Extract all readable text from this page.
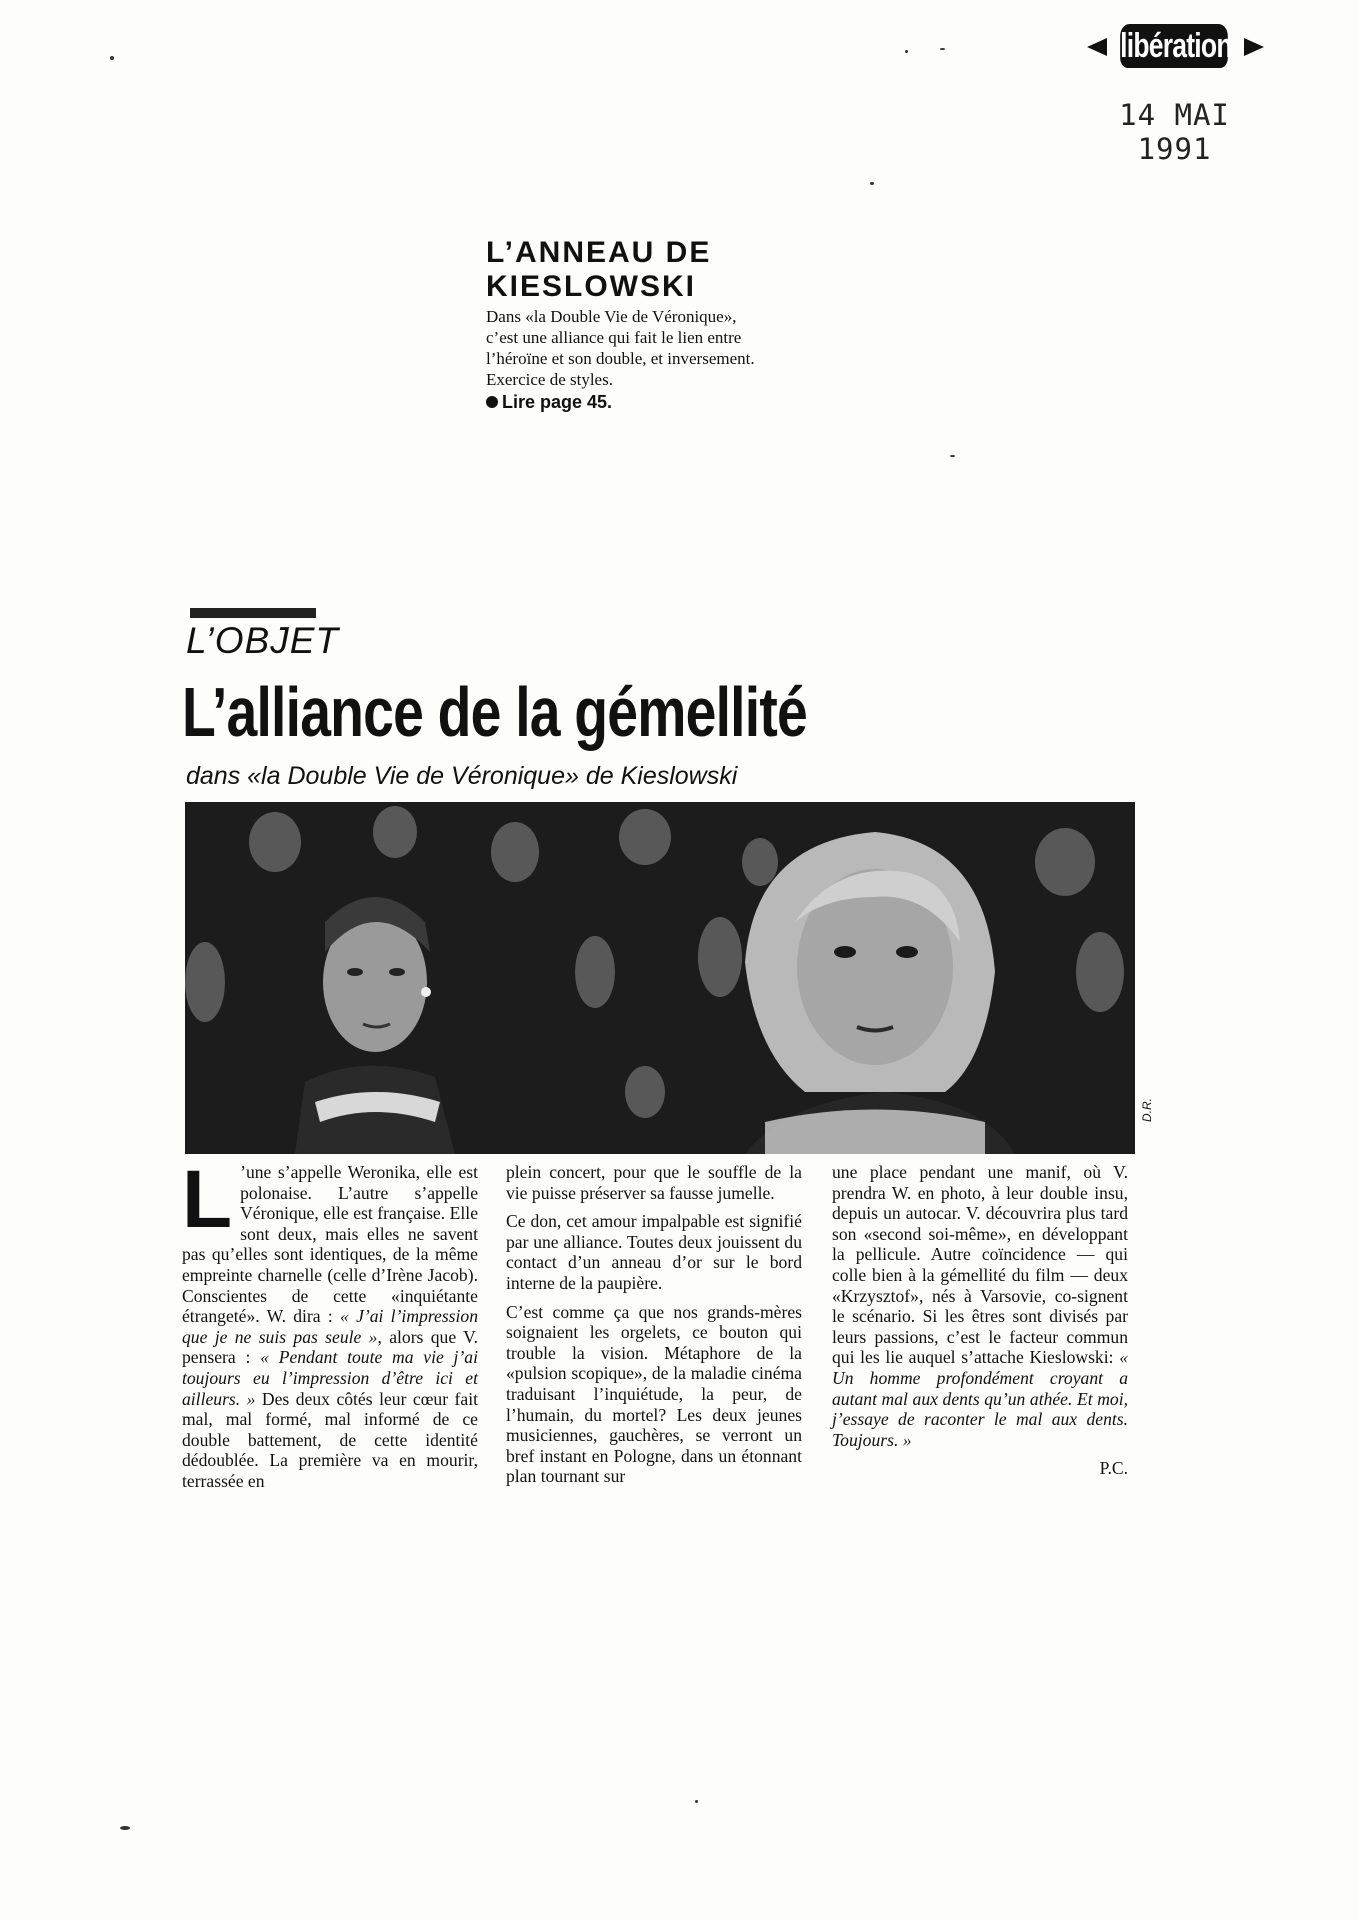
libération
14 MAI 1991
L’ANNEAU DE
KIESLOWSKI
Dans «la Double Vie de Véronique», c’est une alliance qui fait le lien entre l’héroïne et son double, et inversement. Exercice de styles.
Lire page 45.
L’OBJET
L’alliance de la gémellité
dans «la Double Vie de Véronique» de Kieslowski
D.R.

L ’une s’appelle Weronika, elle est polonaise. L’autre s’appelle Véronique, elle est française. Elle sont deux, mais elles ne savent pas qu’elles sont identiques, de la même empreinte charnelle (celle d’Irène Jacob). Conscientes de cette «inquiétante étrangeté». W. dira : « J’ai l’impression que je ne suis pas seule », alors que V. pensera : « Pendant toute ma vie j’ai toujours eu l’impression d’être ici et ailleurs. » Des deux côtés leur cœur fait mal, mal formé, mal informé de ce double battement, de cette identité dédoublée. La première va en mourir, terrassée en

plein concert, pour que le souffle de la vie puisse préserver sa fausse jumelle.

Ce don, cet amour impalpable est signifié par une alliance. Toutes deux jouissent du contact d’un anneau d’or sur le bord interne de la paupière.

C’est comme ça que nos grands-mères soignaient les orgelets, ce bouton qui trouble la vision. Métaphore de la «pulsion scopique», de la maladie cinéma traduisant l’inquiétude, la peur, de l’humain, du mortel? Les deux jeunes musiciennes, gauchères, se verront un bref instant en Pologne, dans un étonnant plan tournant sur

une place pendant une manif, où V. prendra W. en photo, à leur double insu, depuis un autocar. V. découvrira plus tard son «second soi-même», en développant la pellicule. Autre coïncidence — qui colle bien à la gémellité du film — deux «Krzysztof», nés à Varsovie, co-signent le scénario. Si les êtres sont divisés par leurs passions, c’est le facteur commun qui les lie auquel s’attache Kieslowski: « Un homme profondément croyant a autant mal aux dents qu’un athée. Et moi, j’essaye de raconter le mal aux dents. Toujours. »

P.C.
